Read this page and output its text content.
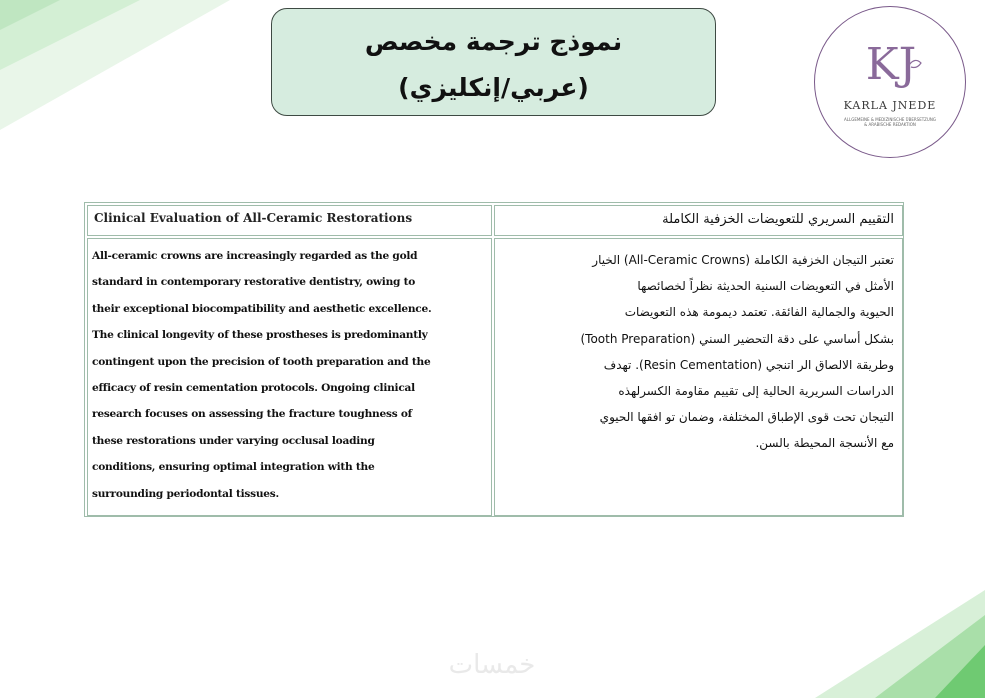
نموذج ترجمة مخصص
(عربي/إنكليزي)	KJ
KARLA JNEDE
ALLGEMEINE & MEDIZINISCHE ÜBERSETZUNG
& ARABISCHE REDAKTION
Clinical Evaluation of All-Ceramic Restorations	التقييم السريري للتعويضات الخزفية الكاملة
All-ceramic crowns are increasingly regarded as the gold
standard in contemporary restorative dentistry, owing to
their exceptional biocompatibility and aesthetic excellence.
The clinical longevity of these prostheses is predominantly
contingent upon the precision of tooth preparation and the
efficacy of resin cementation protocols. Ongoing clinical
research focuses on assessing the fracture toughness of
these restorations under varying occlusal loading
conditions, ensuring optimal integration with the
surrounding periodontal tissues.
تعتبر التيجان الخزفية الكاملة (All-Ceramic Crowns) الخيار
الأمثل في التعويضات السنية الحديثة نظراً لخصائصها
الحيوية والجمالية الفائقة. تعتمد ديمومة هذه التعويضات
بشكل أساسي على دقة التحضير السني (Tooth Preparation)
وطريقة الالصاق الر اتنجي (Resin Cementation). تهدف
الدراسات السريرية الحالية إلى تقييم مقاومة الكسرلهذه
التيجان تحت قوى الإطباق المختلفة، وضمان تو افقها الحيوي
مع الأنسجة المحيطة بالسن.
خمسات
